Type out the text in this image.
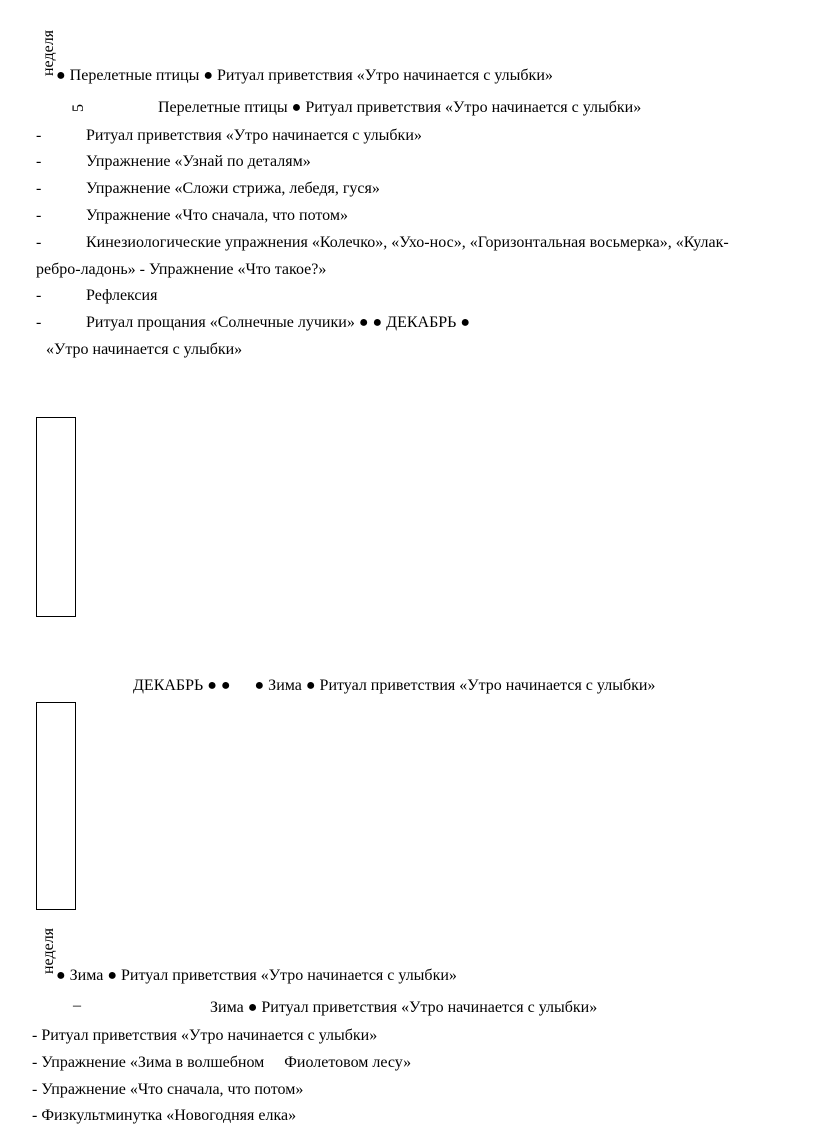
неделя ● Перелетные птицы ● Ритуал приветствия «Утро начинается с улыбки»
5	Перелетные птицы ● Ритуал приветствия «Утро начинается с улыбки»
-	Ритуал приветствия «Утро начинается с улыбки»
-	Упражнение «Узнай по деталям»
-	Упражнение «Сложи стрижа, лебедя, гуся»
-	Упражнение «Что сначала, что потом»
-	Кинезиологические упражнения «Колечко», «Ухо-нос», «Горизонтальная восьмерка», «Кулак-
ребро-ладонь» - Упражнение «Что такое?»
-	Рефлексия
-	Ритуал прощания «Солнечные лучики» ● ● ДЕКАБРЬ ●
«Утро начинается с улыбки»
ДЕКАБРЬ ● ●      ● Зима ● Ритуал приветствия «Утро начинается с улыбки»
неделя
● Зима ● Ритуал приветствия «Утро начинается с улыбки»
–	Зима ● Ритуал приветствия «Утро начинается с улыбки»
- Ритуал приветствия «Утро начинается с улыбки»
- Упражнение «Зима в волшебном     Фиолетовом лесу»
- Упражнение «Что сначала, что потом»
- Физкультминутка «Новогодняя елка»
